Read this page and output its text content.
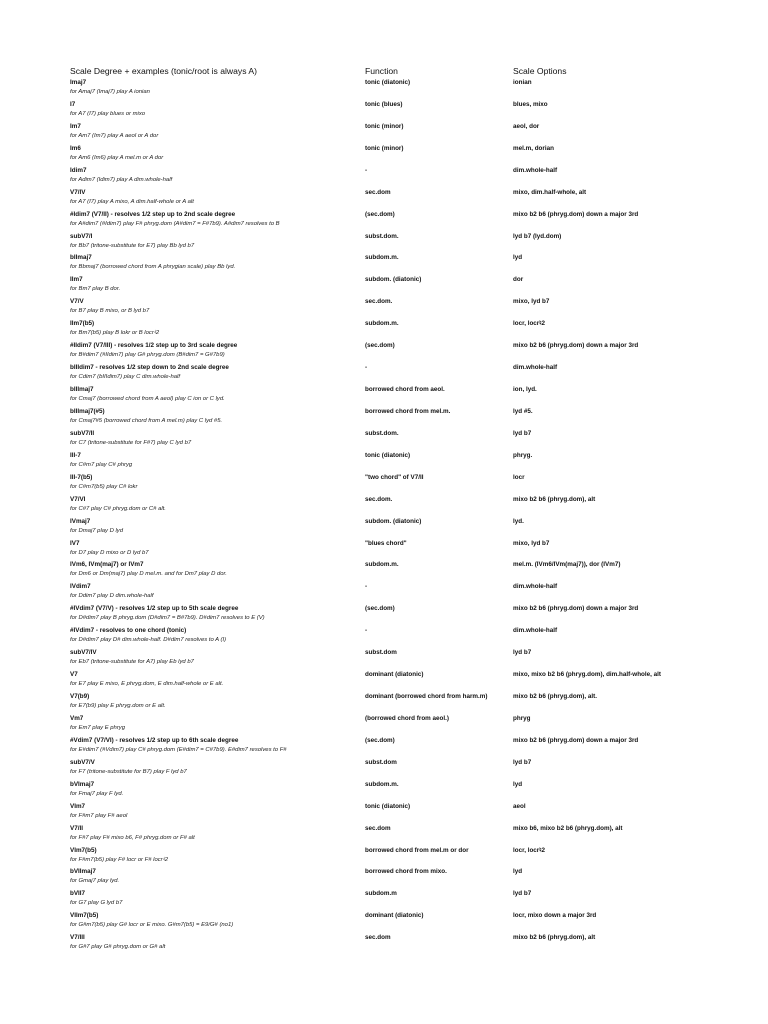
Scale Degree + examples (tonic/root is always A)	Function	Scale Options
Imaj7	tonic (diatonic)	ionian
for Amaj7 (Imaj7) play A ionian
I7	tonic (blues)	blues, mixo
for A7 (I7) play blues or mixo
Im7	tonic (minor)	aeol, dor
for Am7 (Im7) play A aeol or A dor
Im6	tonic (minor)	mel.m, dorian
for Am6 (Im6) play A mel.m or A dor
Idim7	-	dim.whole-half
for Adim7 (Idim7) play A dim.whole-half
V7/IV	sec.dom	mixo, dim.half-whole, alt
for A7 (I7) play A mixo, A dim.half-whole or A alt
#Idim7 (V7/II) - resolves 1/2 step up to 2nd scale degree	(sec.dom)	mixo b2 b6 (phryg.dom) down a major 3rd
for A#dim7 (#Idim7) play F# phryg.dom (A#dim7 = F#7b9). A#dim7 resolves to B
subV7/I	subst.dom.	lyd b7 (lyd.dom)
for Bb7 (tritone-substitute for E7) play Bb lyd b7
bIImaj7	subdom.m.	lyd
for Bbmaj7 (borrowed chord from A phrygian scale) play Bb lyd.
IIm7	subdom. (diatonic)	dor
for Bm7 play B dor.
V7/V	sec.dom.	mixo, lyd b7
for B7 play B mixo, or B lyd b7
IIm7(b5)	subdom.m.	locr, locr♮2
for Bm7(b5) play B lokr or B locr♮2
#IIdim7 (V7/III) - resolves 1/2 step up to 3rd scale degree	(sec.dom)	mixo b2 b6 (phryg.dom) down a major 3rd
for B#dim7 (#IIdim7) play G# phryg.dom (B#dim7 = G#7b9)
bIIIdim7 - resolves 1/2 step down to 2nd scale degree	-	dim.whole-half
for Cdim7 (bIIIdim7) play C dim.whole-half
bIIImaj7	borrowed chord from aeol.	ion, lyd.
for Cmaj7 (borrowed chord from A aeol) play C ion or C lyd.
bIIImaj7(#5)	borrowed chord from mel.m.	lyd #5.
for Cmaj7#5 (borrowed chord from A mel.m) play C lyd #5.
subV7/II	subst.dom.	lyd b7
for C7 (tritone-substitute for F#7) play C lyd b7
III-7	tonic (diatonic)	phryg.
for C#m7 play C# phryg
III-7(b5)	"two chord" of V7/II	locr
for C#m7(b5) play C# lokr
V7/VI	sec.dom.	mixo b2 b6 (phryg.dom), alt
for C#7 play C# phryg.dom or C# alt.
IVmaj7	subdom. (diatonic)	lyd.
for Dmaj7 play D lyd
IV7	"blues chord"	mixo, lyd b7
for D7 play D mixo or D lyd b7
IVm6, IVm(maj7) or IVm7	subdom.m.	mel.m. (IVm6/IVm(maj7)), dor (IVm7)
for Dm6 or Dm(maj7) play D mel.m. and for Dm7 play D dor.
IVdim7	-	dim.whole-half
for Ddim7 play D dim.whole-half
#IVdim7 (V7/V) - resolves 1/2 step up to 5th scale degree	(sec.dom)	mixo b2 b6 (phryg.dom) down a major 3rd
for D#dim7 play B phryg.dom (D#dim7 = B#7b9). D#dim7 resolves to E (V)
#IVdim7 - resolves to one chord (tonic)	-	dim.whole-half
for D#dim7 play D# dim.whole-half. D#dim7 resolves to A (I)
subV7/IV	subst.dom	lyd b7
for Eb7 (tritone-substitute for A7) play Eb lyd b7
V7	dominant (diatonic)	mixo, mixo b2 b6 (phryg.dom), dim.half-whole, alt
for E7 play E mixo, E phryg.dom, E dim.half-whole or E alt.
V7(b9)	dominant (borrowed chord from harm.m)	mixo b2 b6 (phryg.dom), alt.
for E7(b9) play E phryg.dom or E alt.
Vm7	(borrowed chord from aeol.)	phryg
for Em7 play E phryg
#Vdim7 (V7/VI) - resolves 1/2 step up to 6th scale degree	(sec.dom)	mixo b2 b6 (phryg.dom) down a major 3rd
for E#dim7 (#Vdim7) play C# phryg.dom (E#dim7 = C#7b9). E#dim7 resolves to F#
subV7/V	subst.dom	lyd b7
for F7 (tritone-substitute for B7) play F lyd b7
bVImaj7	subdom.m.	lyd
for Fmaj7 play F lyd.
VIm7	tonic (diatonic)	aeol
for F#m7 play F# aeol
V7/II	sec.dom	mixo b6, mixo b2 b6 (phryg.dom), alt
for F#7 play F# mixo b6, F# phryg.dom or F# alt
VIm7(b5)	borrowed chord from mel.m or dor	locr, locr♮2
for F#m7(b5) play F# locr or F# locr♮2
bVIImaj7	borrowed chord from mixo.	lyd
for Gmaj7 play lyd.
bVII7	subdom.m	lyd b7
for G7 play G lyd b7
VIIm7(b5)	dominant (diatonic)	locr, mixo down a major 3rd
for G#m7(b5) play G# locr or E mixo. G#m7(b5) = E9/G# (no1)
V7/III	sec.dom	mixo b2 b6 (phryg.dom), alt
for G#7 play G# phryg.dom or G# alt
